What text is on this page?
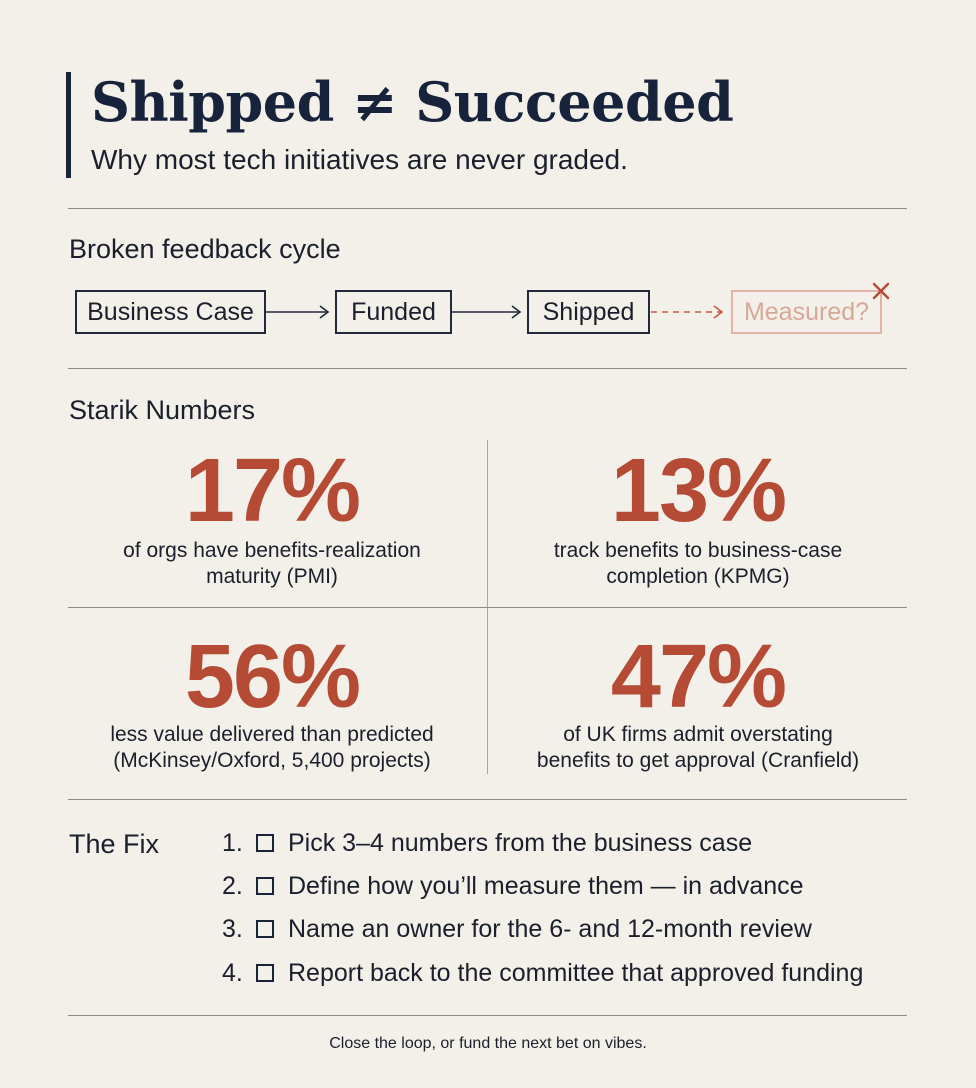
Shipped ≠ Succeeded
Why most tech initiatives are never graded.
Broken feedback cycle
Business Case	Funded	Shipped	Measured?
Starik Numbers
17%
of orgs have benefits-realization
maturity (PMI)
13%
track benefits to business-case
completion (KPMG)
56%
less value delivered than predicted
(McKinsey/Oxford, 5,400 projects)
47%
of UK firms admit overstating
benefits to get approval (Cranfield)
The Fix	1.	Pick 3–4 numbers from the business case
2.	Define how you’ll measure them — in advance
3.	Name an owner for the 6- and 12-month review
4.	Report back to the committee that approved funding
Close the loop, or fund the next bet on vibes.
